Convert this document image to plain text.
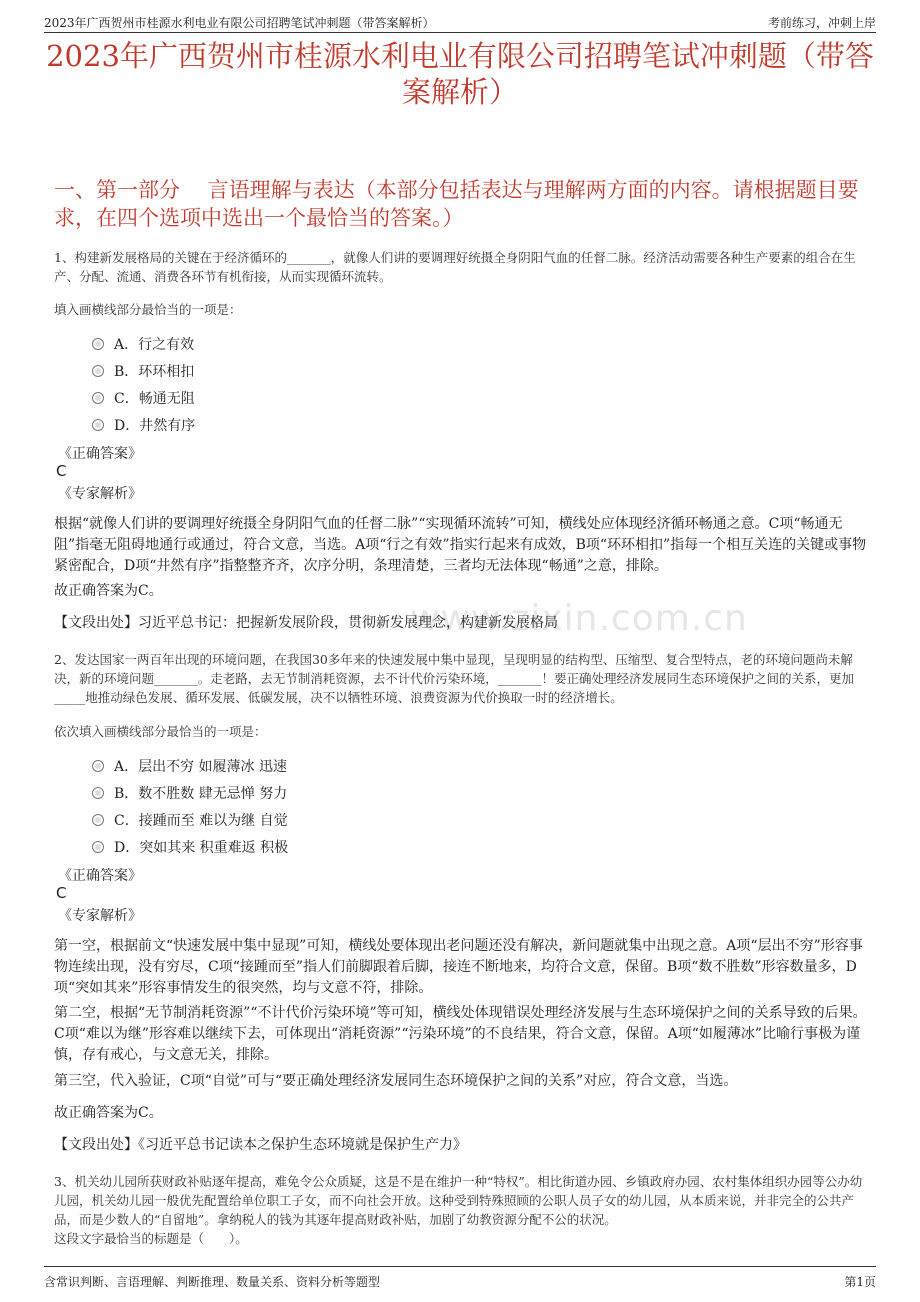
2023年广西贺州市桂源水利电业有限公司招聘笔试冲刺题（带答案解析）	考前练习，冲刺上岸
2023年广西贺州市桂源水利电业有限公司招聘笔试冲刺题（带答案解析）
一、第一部分　 言语理解与表达（本部分包括表达与理解两方面的内容。请根据题目要求，在四个选项中选出一个最恰当的答案。）
www.zixin.com.cn
1、构建新发展格局的关键在于经济循环的_______，就像人们讲的要调理好统摄全身阴阳气血的任督二脉。经济活动需要各种生产要素的组合在生产、分配、流通、消费各环节有机衔接，从而实现循环流转。
填入画横线部分最恰当的一项是：
A．行之有效
B．环环相扣
C．畅通无阻
D．井然有序
《正确答案》
C
《专家解析》
根据“就像人们讲的要调理好统摄全身阴阳气血的任督二脉”“实现循环流转”可知，横线处应体现经济循环畅通之意。C项“畅通无阻”指毫无阻碍地通行或通过，符合文意，当选。A项“行之有效”指实行起来有成效，B项“环环相扣”指每一个相互关连的关键或事物紧密配合，D项“井然有序”指整整齐齐，次序分明，条理清楚，三者均无法体现“畅通”之意，排除。
故正确答案为C。
【文段出处】习近平总书记：把握新发展阶段，贯彻新发展理念，构建新发展格局
2、发达国家一两百年出现的环境问题，在我国30多年来的快速发展中集中显现，呈现明显的结构型、压缩型、复合型特点，老的环境问题尚未解决，新的环境问题_______。走老路，去无节制消耗资源，去不计代价污染环境，_______！要正确处理经济发展同生态环境保护之间的关系，更加_____地推动绿色发展、循环发展、低碳发展，决不以牺牲环境、浪费资源为代价换取一时的经济增长。
依次填入画横线部分最恰当的一项是：
A．层出不穷 如履薄冰 迅速
B．数不胜数 肆无忌惮 努力
C．接踵而至 难以为继 自觉
D．突如其来 积重难返 积极
《正确答案》
C
《专家解析》
第一空，根据前文“快速发展中集中显现”可知，横线处要体现出老问题还没有解决，新问题就集中出现之意。A项“层出不穷”形容事物连续出现，没有穷尽，C项“接踵而至”指人们前脚跟着后脚，接连不断地来，均符合文意，保留。B项“数不胜数”形容数量多，D项“突如其来”形容事情发生的很突然，均与文意不符，排除。
第二空，根据“无节制消耗资源”“不计代价污染环境”等可知，横线处体现错误处理经济发展与生态环境保护之间的关系导致的后果。C项“难以为继”形容难以继续下去，可体现出“消耗资源”“污染环境”的不良结果，符合文意，保留。A项“如履薄冰”比喻行事极为谨慎，存有戒心，与文意无关，排除。
第三空，代入验证，C项“自觉”可与“要正确处理经济发展同生态环境保护之间的关系”对应，符合文意，当选。
故正确答案为C。
【文段出处】《习近平总书记读本之保护生态环境就是保护生产力》
3、机关幼儿园所获财政补贴逐年提高，难免令公众质疑，这是不是在维护一种“特权”。相比街道办园、乡镇政府办园、农村集体组织办园等公办幼儿园，机关幼儿园一般优先配置给单位职工子女，而不向社会开放。这种受到特殊照顾的公职人员子女的幼儿园，从本质来说，并非完全的公共产品，而是少数人的“自留地”。拿纳税人的钱为其逐年提高财政补贴，加剧了幼教资源分配不公的状况。
这段文字最恰当的标题是（　　）。
含常识判断、言语理解、判断推理、数量关系、资料分析等题型	第1页
